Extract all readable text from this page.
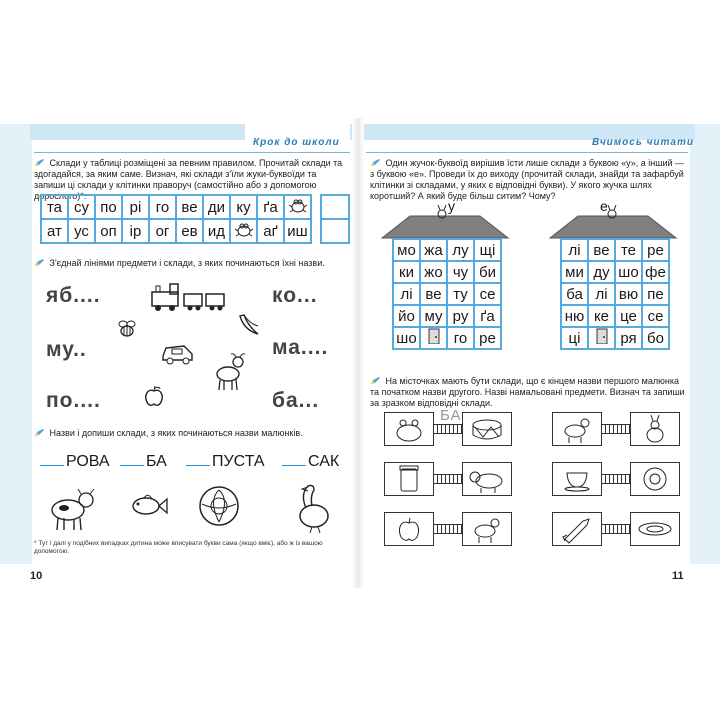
Крок до школи	Вчимось читати
Склади у таблиці розміщені за певним правилом. Прочитай склади та здогадайся, за яким саме. Визнач, які склади з'їли жуки-буквоїди та запиши ці склади у клітинки праворуч (самостійно або з допомогою дорослого)*.
та	су	по	рі	го	ве	ди	ку	ґа			
ат	ус	оп	ір	ог	ев	ид		аґ	иш		
З'єднай лініями предмети і склади, з яких починаються їхні назви.
яб....
му..
по....
ко...
ма....
ба...
Назви і допиши склади, з яких починаються назви малюнків.
РОВА	БА	ПУСТА	САК
* Тут і далі у подібних випадках дитина може вписувати букви сама (якщо вміє), або ж із вашою допомогою.
10
Один жучок-буквоїд вирішив їсти лише склади з буквою «у», а інший — з буквою «е». Проведи їх до виходу (прочитай склади, знайди та зафарбуй клітинки зі складами, у яких є відповідні букви). У якого жучка шлях коротший? А який буде більш ситим? Чому?
у
мо	жа	лу	щі
ки	жо	чу	би
лі	ве	ту	се
йо	му	ру	ґа
шо		го	ре
е
лі	ве	те	ре
ми	ду	шо	фе
ба	лі	вю	пе
ню	ке	це	се
ці		ря	бо
На місточках мають бути склади, що є кінцем назви першого малюнка та початком назви другого. Назві намальовані предмети. Визнач та запиши за зразком відповідні склади.
БА
11
